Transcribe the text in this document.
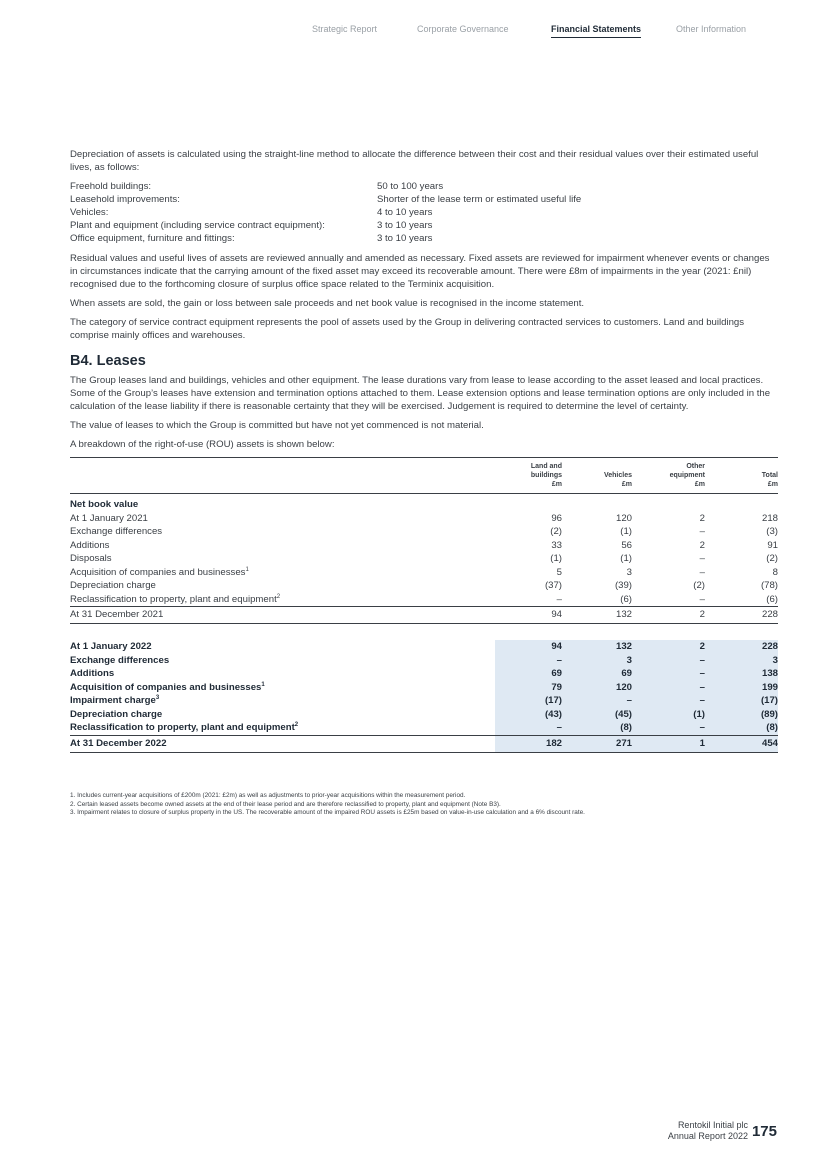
Strategic Report	Corporate Governance	Financial Statements	Other Information

Depreciation of assets is calculated using the straight-line method to allocate the difference between their cost and their residual values over their estimated useful lives, as follows:

Freehold buildings:	50 to 100 years
Leasehold improvements:	Shorter of the lease term or estimated useful life
Vehicles:	4 to 10 years
Plant and equipment (including service contract equipment):	3 to 10 years
Office equipment, furniture and fittings:	3 to 10 years

Residual values and useful lives of assets are reviewed annually and amended as necessary. Fixed assets are reviewed for impairment whenever events or changes in circumstances indicate that the carrying amount of the fixed asset may exceed its recoverable amount. There were £8m of impairments in the year (2021: £nil) recognised due to the forthcoming closure of surplus office space related to the Terminix acquisition.

When assets are sold, the gain or loss between sale proceeds and net book value is recognised in the income statement.

The category of service contract equipment represents the pool of assets used by the Group in delivering contracted services to customers. Land and buildings comprise mainly offices and warehouses.

B4. Leases

The Group leases land and buildings, vehicles and other equipment. The lease durations vary from lease to lease according to the asset leased and local practices. Some of the Group’s leases have extension and termination options attached to them. Lease extension options and lease termination options are only included in the calculation of the lease liability if there is reasonable certainty that they will be exercised. Judgement is required to determine the level of certainty.

The value of leases to which the Group is committed but have not yet commenced is not material.

A breakdown of the right-of-use (ROU) assets is shown below:

	Land and
buildings
£m	Vehicles
£m	Other
equipment
£m	Total
£m
Net book value				
At 1 January 2021	96	120	2	218
Exchange differences	(2)	(1)	–	(3)
Additions	33	56	2	91
Disposals	(1)	(1)	–	(2)
Acquisition of companies and businesses$^1$	5	3	–	8
Depreciation charge	(37)	(39)	(2)	(78)
Reclassification to property, plant and equipment$^2$	–	(6)	–	(6)
At 31 December 2021	94	132	2	228

At 1 January 2022	94	132	2	228
Exchange differences	–	3	–	3
Additions	69	69	–	138
Acquisition of companies and businesses$^1$	79	120	–	199
Impairment charge$^3$	(17)	–	–	(17)
Depreciation charge	(43)	(45)	(1)	(89)
Reclassification to property, plant and equipment$^2$	–	(8)	–	(8)
At 31 December 2022	182	271	1	454
1. Includes current-year acquisitions of £200m (2021: £2m) as well as adjustments to prior-year acquisitions within the measurement period.
2. Certain leased assets become owned assets at the end of their lease period and are therefore reclassified to property, plant and equipment (Note B3).
3. Impairment relates to closure of surplus property in the US. The recoverable amount of the impaired ROU assets is £25m based on value-in-use calculation and a 6% discount rate.
Rentokil Initial plc
Annual Report 2022 175
